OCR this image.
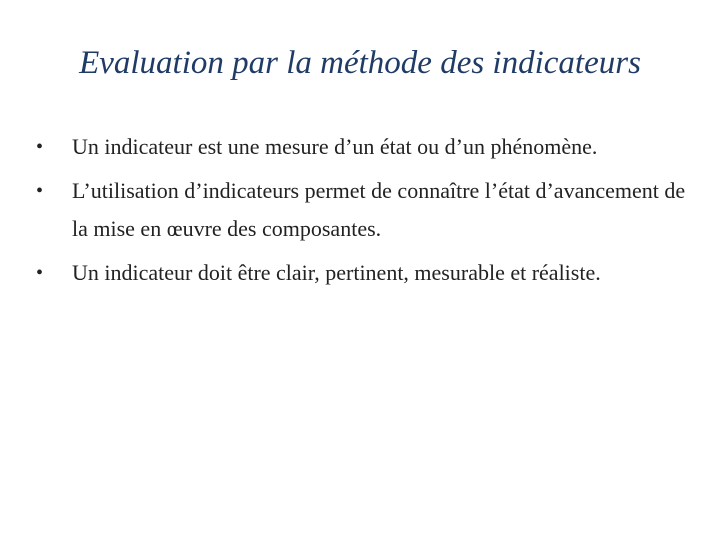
Evaluation par la méthode des indicateurs
•	Un indicateur est une mesure d’un état ou d’un phénomène.
•	L’utilisation d’indicateurs permet de connaître l’état d’avancement de la mise en œuvre des composantes.
•	Un indicateur doit être clair, pertinent, mesurable et réaliste.
